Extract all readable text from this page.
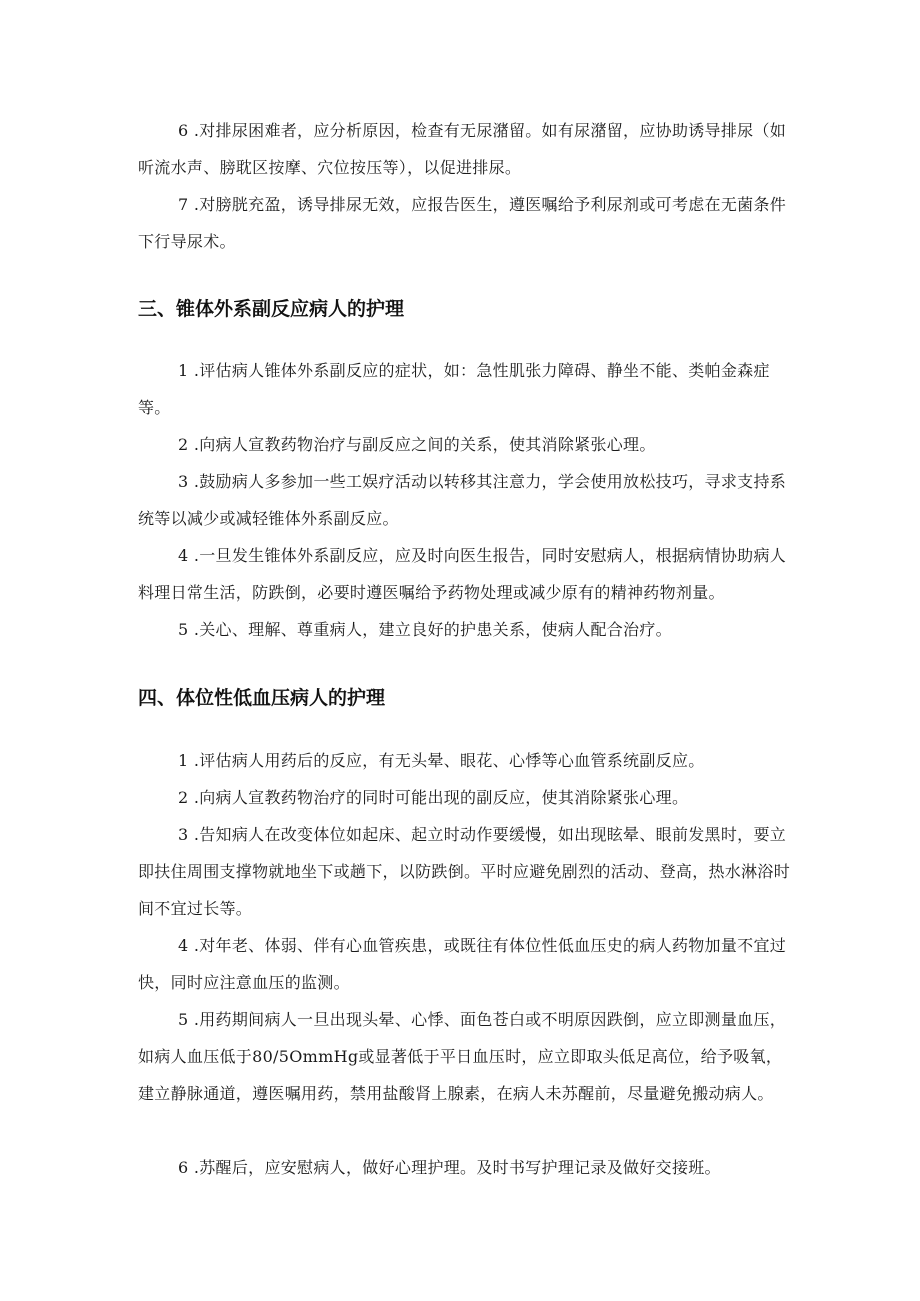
6 .对排尿困难者，应分析原因，检查有无尿潴留。如有尿潴留，应协助诱导排尿（如听流水声、膀耽区按摩、穴位按压等），以促进排尿。

7 .对膀胱充盈，诱导排尿无效，应报告医生，遵医嘱给予利尿剂或可考虑在无菌条件下行导尿术。

三、锥体外系副反应病人的护理

1 .评估病人锥体外系副反应的症状，如：急性肌张力障碍、静坐不能、类帕金森症等。

2 .向病人宣教药物治疗与副反应之间的关系，使其消除紧张心理。

3 .鼓励病人多参加一些工娱疗活动以转移其注意力，学会使用放松技巧，寻求支持系统等以减少或减轻锥体外系副反应。

4 .一旦发生锥体外系副反应，应及时向医生报告，同时安慰病人，根据病情协助病人料理日常生活，防跌倒，必要时遵医嘱给予药物处理或减少原有的精神药物剂量。

5 .关心、理解、尊重病人，建立良好的护患关系，使病人配合治疗。

四、体位性低血压病人的护理

1 .评估病人用药后的反应，有无头晕、眼花、心悸等心血管系统副反应。

2 .向病人宣教药物治疗的同时可能出现的副反应，使其消除紧张心理。

3 .告知病人在改变体位如起床、起立时动作要缓慢，如出现眩晕、眼前发黑时，要立即扶住周围支撑物就地坐下或趟下，以防跌倒。平时应避免剧烈的活动、登高，热水淋浴时间不宜过长等。

4 .对年老、体弱、伴有心血管疾患，或既往有体位性低血压史的病人药物加量不宜过快，同时应注意血压的监测。

5 .用药期间病人一旦出现头晕、心悸、面色苍白或不明原因跌倒，应立即测量血压，如病人血压低于80/5OmmHg或显著低于平日血压时，应立即取头低足高位，给予吸氧，建立静脉通道，遵医嘱用药，禁用盐酸肾上腺素，在病人未苏醒前，尽量避免搬动病人。

6 .苏醒后，应安慰病人，做好心理护理。及时书写护理记录及做好交接班。
